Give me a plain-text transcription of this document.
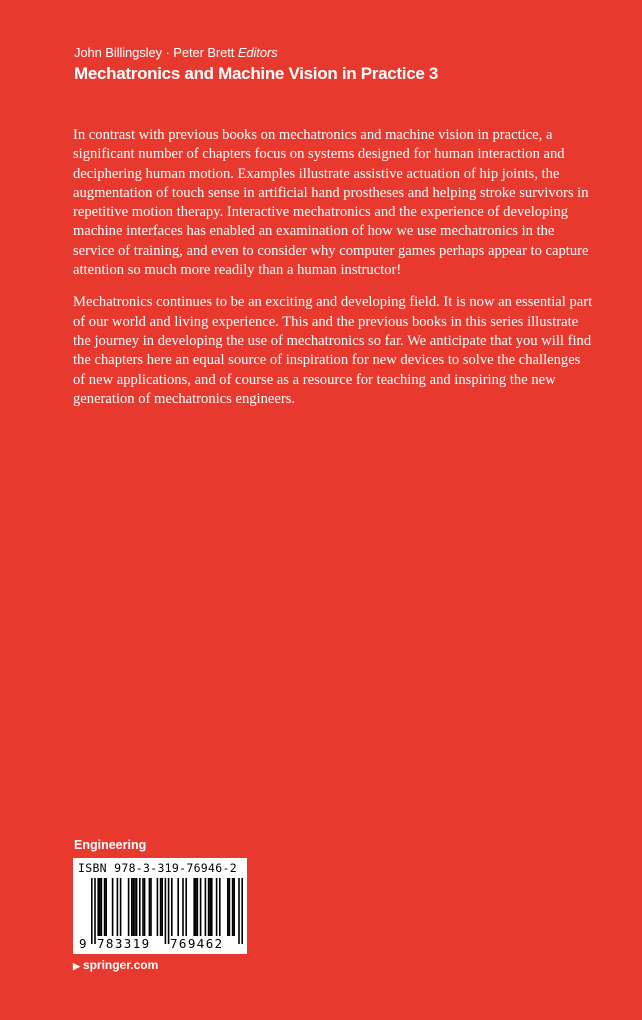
John Billingsley · Peter Brett Editors
Mechatronics and Machine Vision in Practice 3

In contrast with previous books on mechatronics and machine vision in practice, a significant number of chapters focus on systems designed for human interaction and deciphering human motion. Examples illustrate assistive actuation of hip joints, the augmentation of touch sense in artificial hand prostheses and helping stroke survivors in repetitive motion therapy. Interactive mechatronics and the experience of developing machine interfaces has enabled an examination of how we use mechatronics in the service of training, and even to consider why computer games perhaps appear to capture attention so much more readily than a human instructor!

Mechatronics continues to be an exciting and developing field. It is now an essential part of our world and living experience. This and the previous books in this series illustrate the journey in developing the use of mechatronics so far. We anticipate that you will find the chapters here an equal source of inspiration for new devices to solve the challenges of new applications, and of course as a resource for teaching and inspiring the new generation of mechatronics engineers.

Engineering
ISBN 978-3-319-76946-2
9 783319 769462
▶ springer.com
